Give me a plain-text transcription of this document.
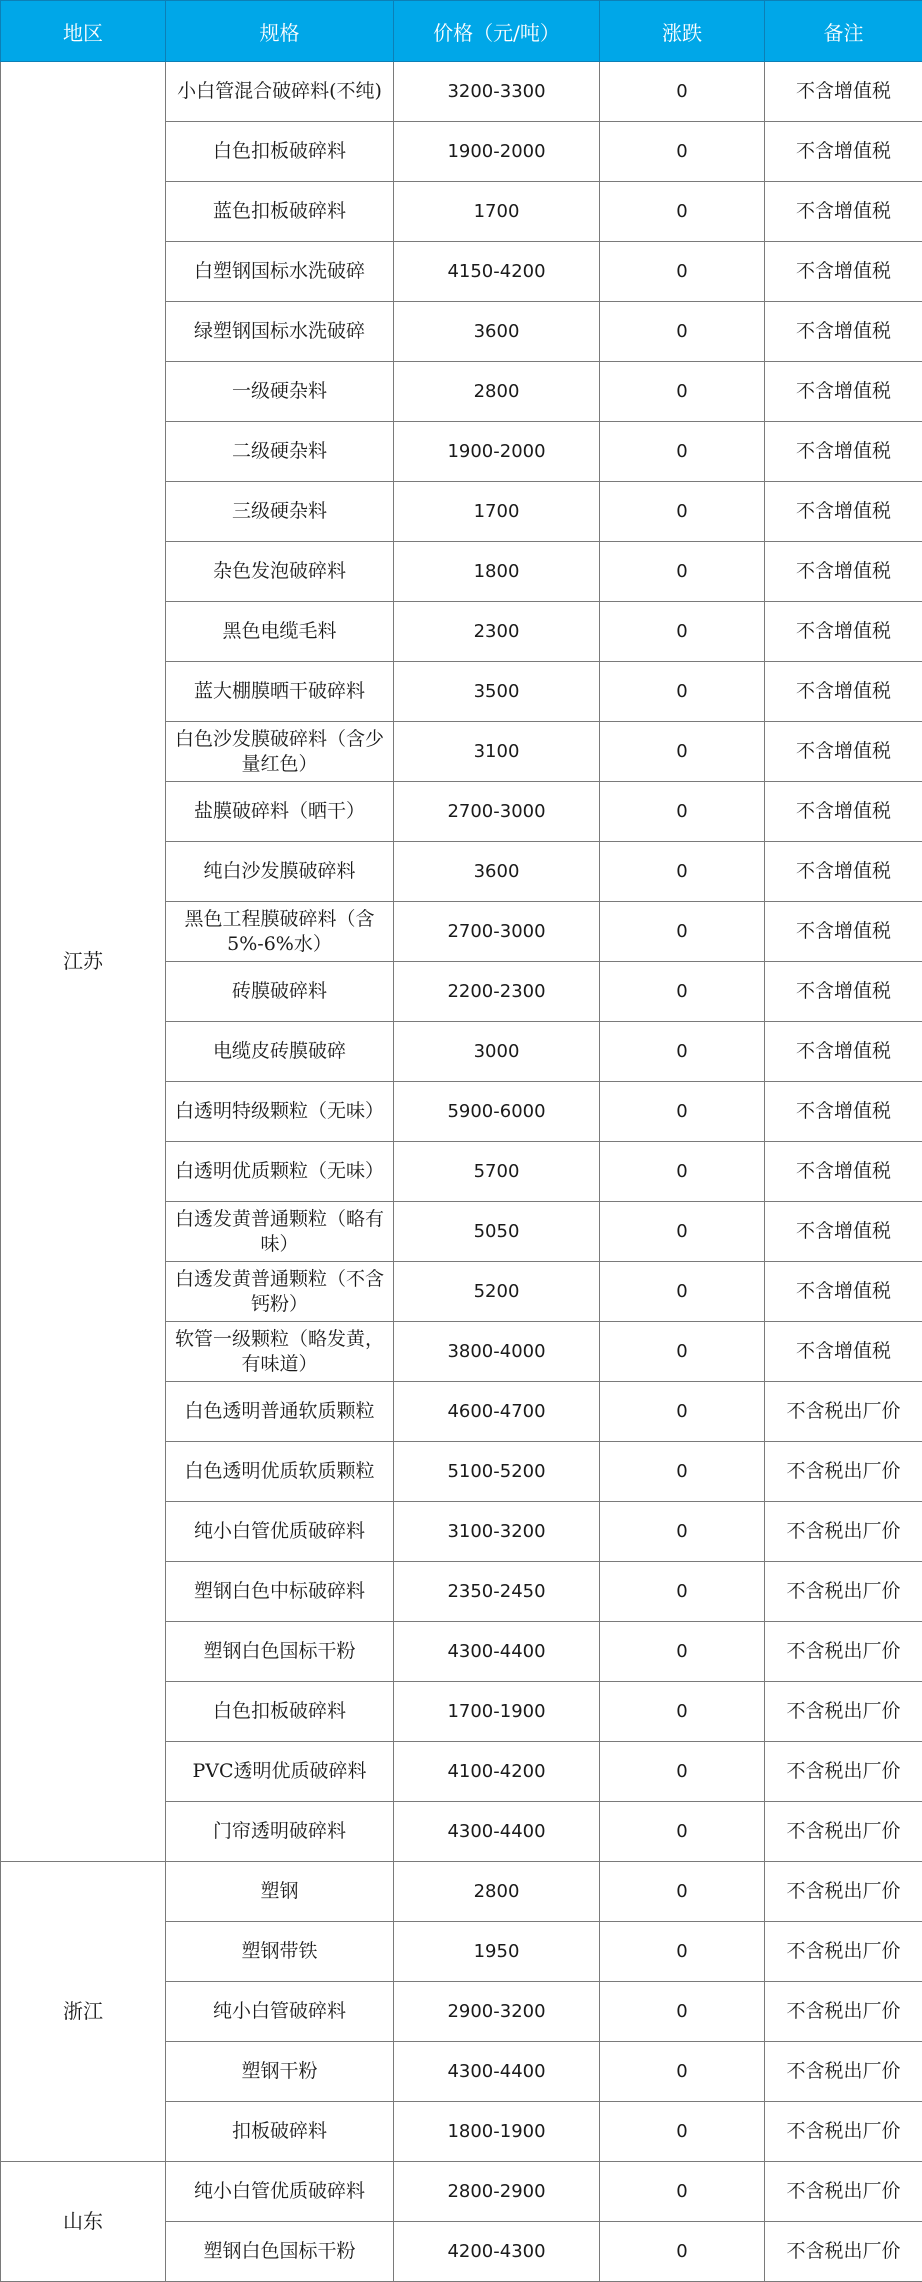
地区	规格	价格（元/吨）	涨跌	备注
江苏	小白管混合破碎料(不纯)	3200-3300	0	不含增值税
	白色扣板破碎料	1900-2000	0	不含增值税
	蓝色扣板破碎料	1700	0	不含增值税
	白塑钢国标水洗破碎	4150-4200	0	不含增值税
	绿塑钢国标水洗破碎	3600	0	不含增值税
	一级硬杂料	2800	0	不含增值税
	二级硬杂料	1900-2000	0	不含增值税
	三级硬杂料	1700	0	不含增值税
	杂色发泡破碎料	1800	0	不含增值税
	黑色电缆毛料	2300	0	不含增值税
	蓝大棚膜晒干破碎料	3500	0	不含增值税
	白色沙发膜破碎料（含少量红色）	3100	0	不含增值税
	盐膜破碎料（晒干）	2700-3000	0	不含增值税
	纯白沙发膜破碎料	3600	0	不含增值税
	黑色工程膜破碎料（含5%-6%水）	2700-3000	0	不含增值税
	砖膜破碎料	2200-2300	0	不含增值税
	电缆皮砖膜破碎	3000	0	不含增值税
	白透明特级颗粒（无味）	5900-6000	0	不含增值税
	白透明优质颗粒（无味）	5700	0	不含增值税
	白透发黄普通颗粒（略有味）	5050	0	不含增值税
	白透发黄普通颗粒（不含钙粉）	5200	0	不含增值税
	软管一级颗粒（略发黄，有味道）	3800-4000	0	不含增值税
	白色透明普通软质颗粒	4600-4700	0	不含税出厂价
	白色透明优质软质颗粒	5100-5200	0	不含税出厂价
	纯小白管优质破碎料	3100-3200	0	不含税出厂价
	塑钢白色中标破碎料	2350-2450	0	不含税出厂价
	塑钢白色国标干粉	4300-4400	0	不含税出厂价
	白色扣板破碎料	1700-1900	0	不含税出厂价
	PVC透明优质破碎料	4100-4200	0	不含税出厂价
	门帘透明破碎料	4300-4400	0	不含税出厂价
浙江	塑钢	2800	0	不含税出厂价
	塑钢带铁	1950	0	不含税出厂价
	纯小白管破碎料	2900-3200	0	不含税出厂价
	塑钢干粉	4300-4400	0	不含税出厂价
	扣板破碎料	1800-1900	0	不含税出厂价
山东	纯小白管优质破碎料	2800-2900	0	不含税出厂价
	塑钢白色国标干粉	4200-4300	0	不含税出厂价
